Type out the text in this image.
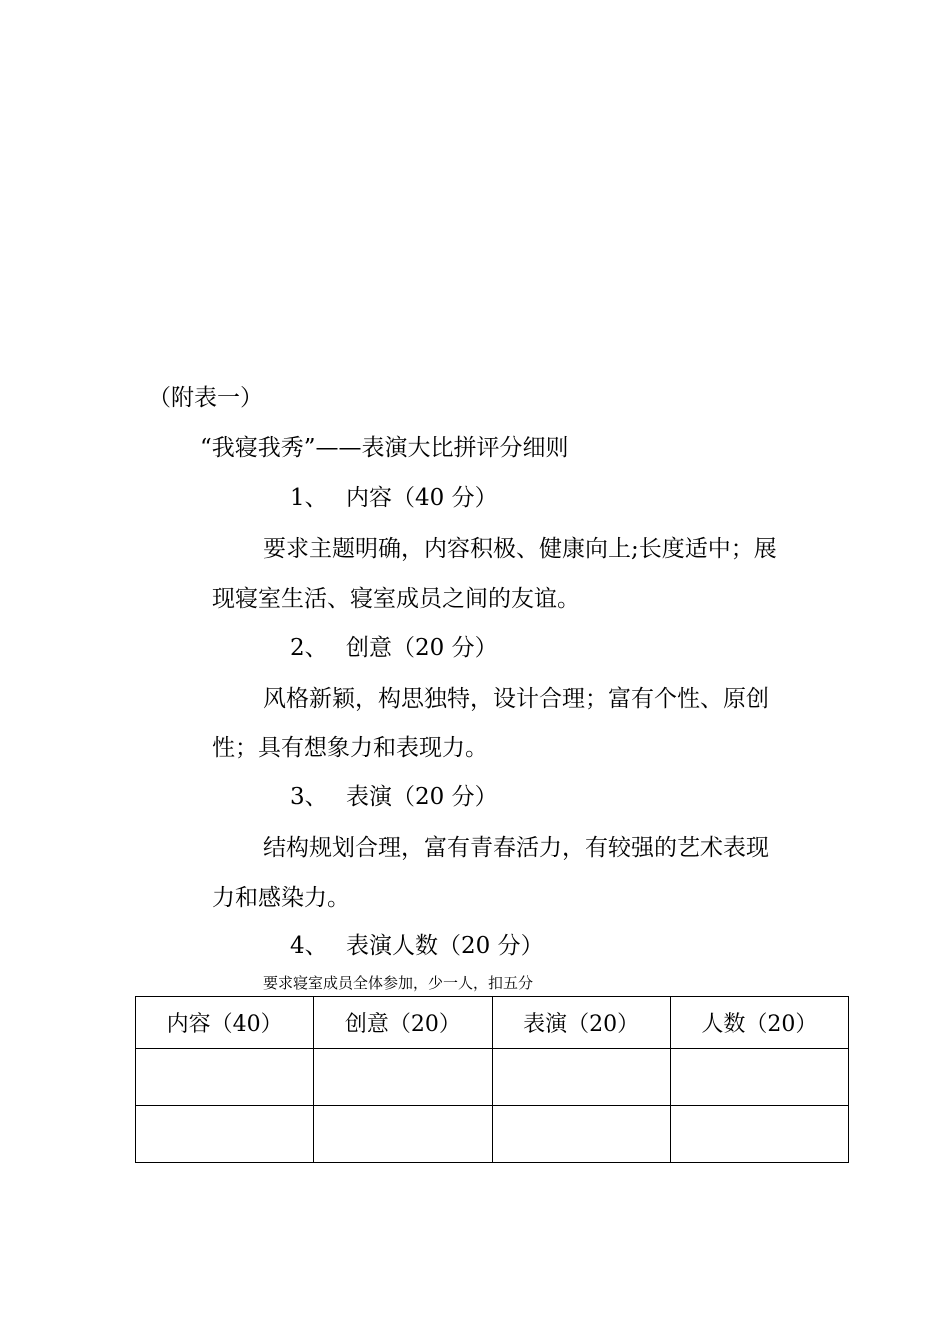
（附表一）
“我寝我秀”——表演大比拼评分细则
1、 内容（40 分）
要求主题明确，内容积极、健康向上;长度适中；展
现寝室生活、寝室成员之间的友谊。
2、 创意（20 分）
风格新颖，构思独特，设计合理；富有个性、原创
性；具有想象力和表现力。
3、 表演（20 分）
结构规划合理，富有青春活力，有较强的艺术表现
力和感染力。
4、 表演人数（20 分）
要求寝室成员全体参加，少一人，扣五分
内容（40）	创意（20）	表演（20）	人数（20）
